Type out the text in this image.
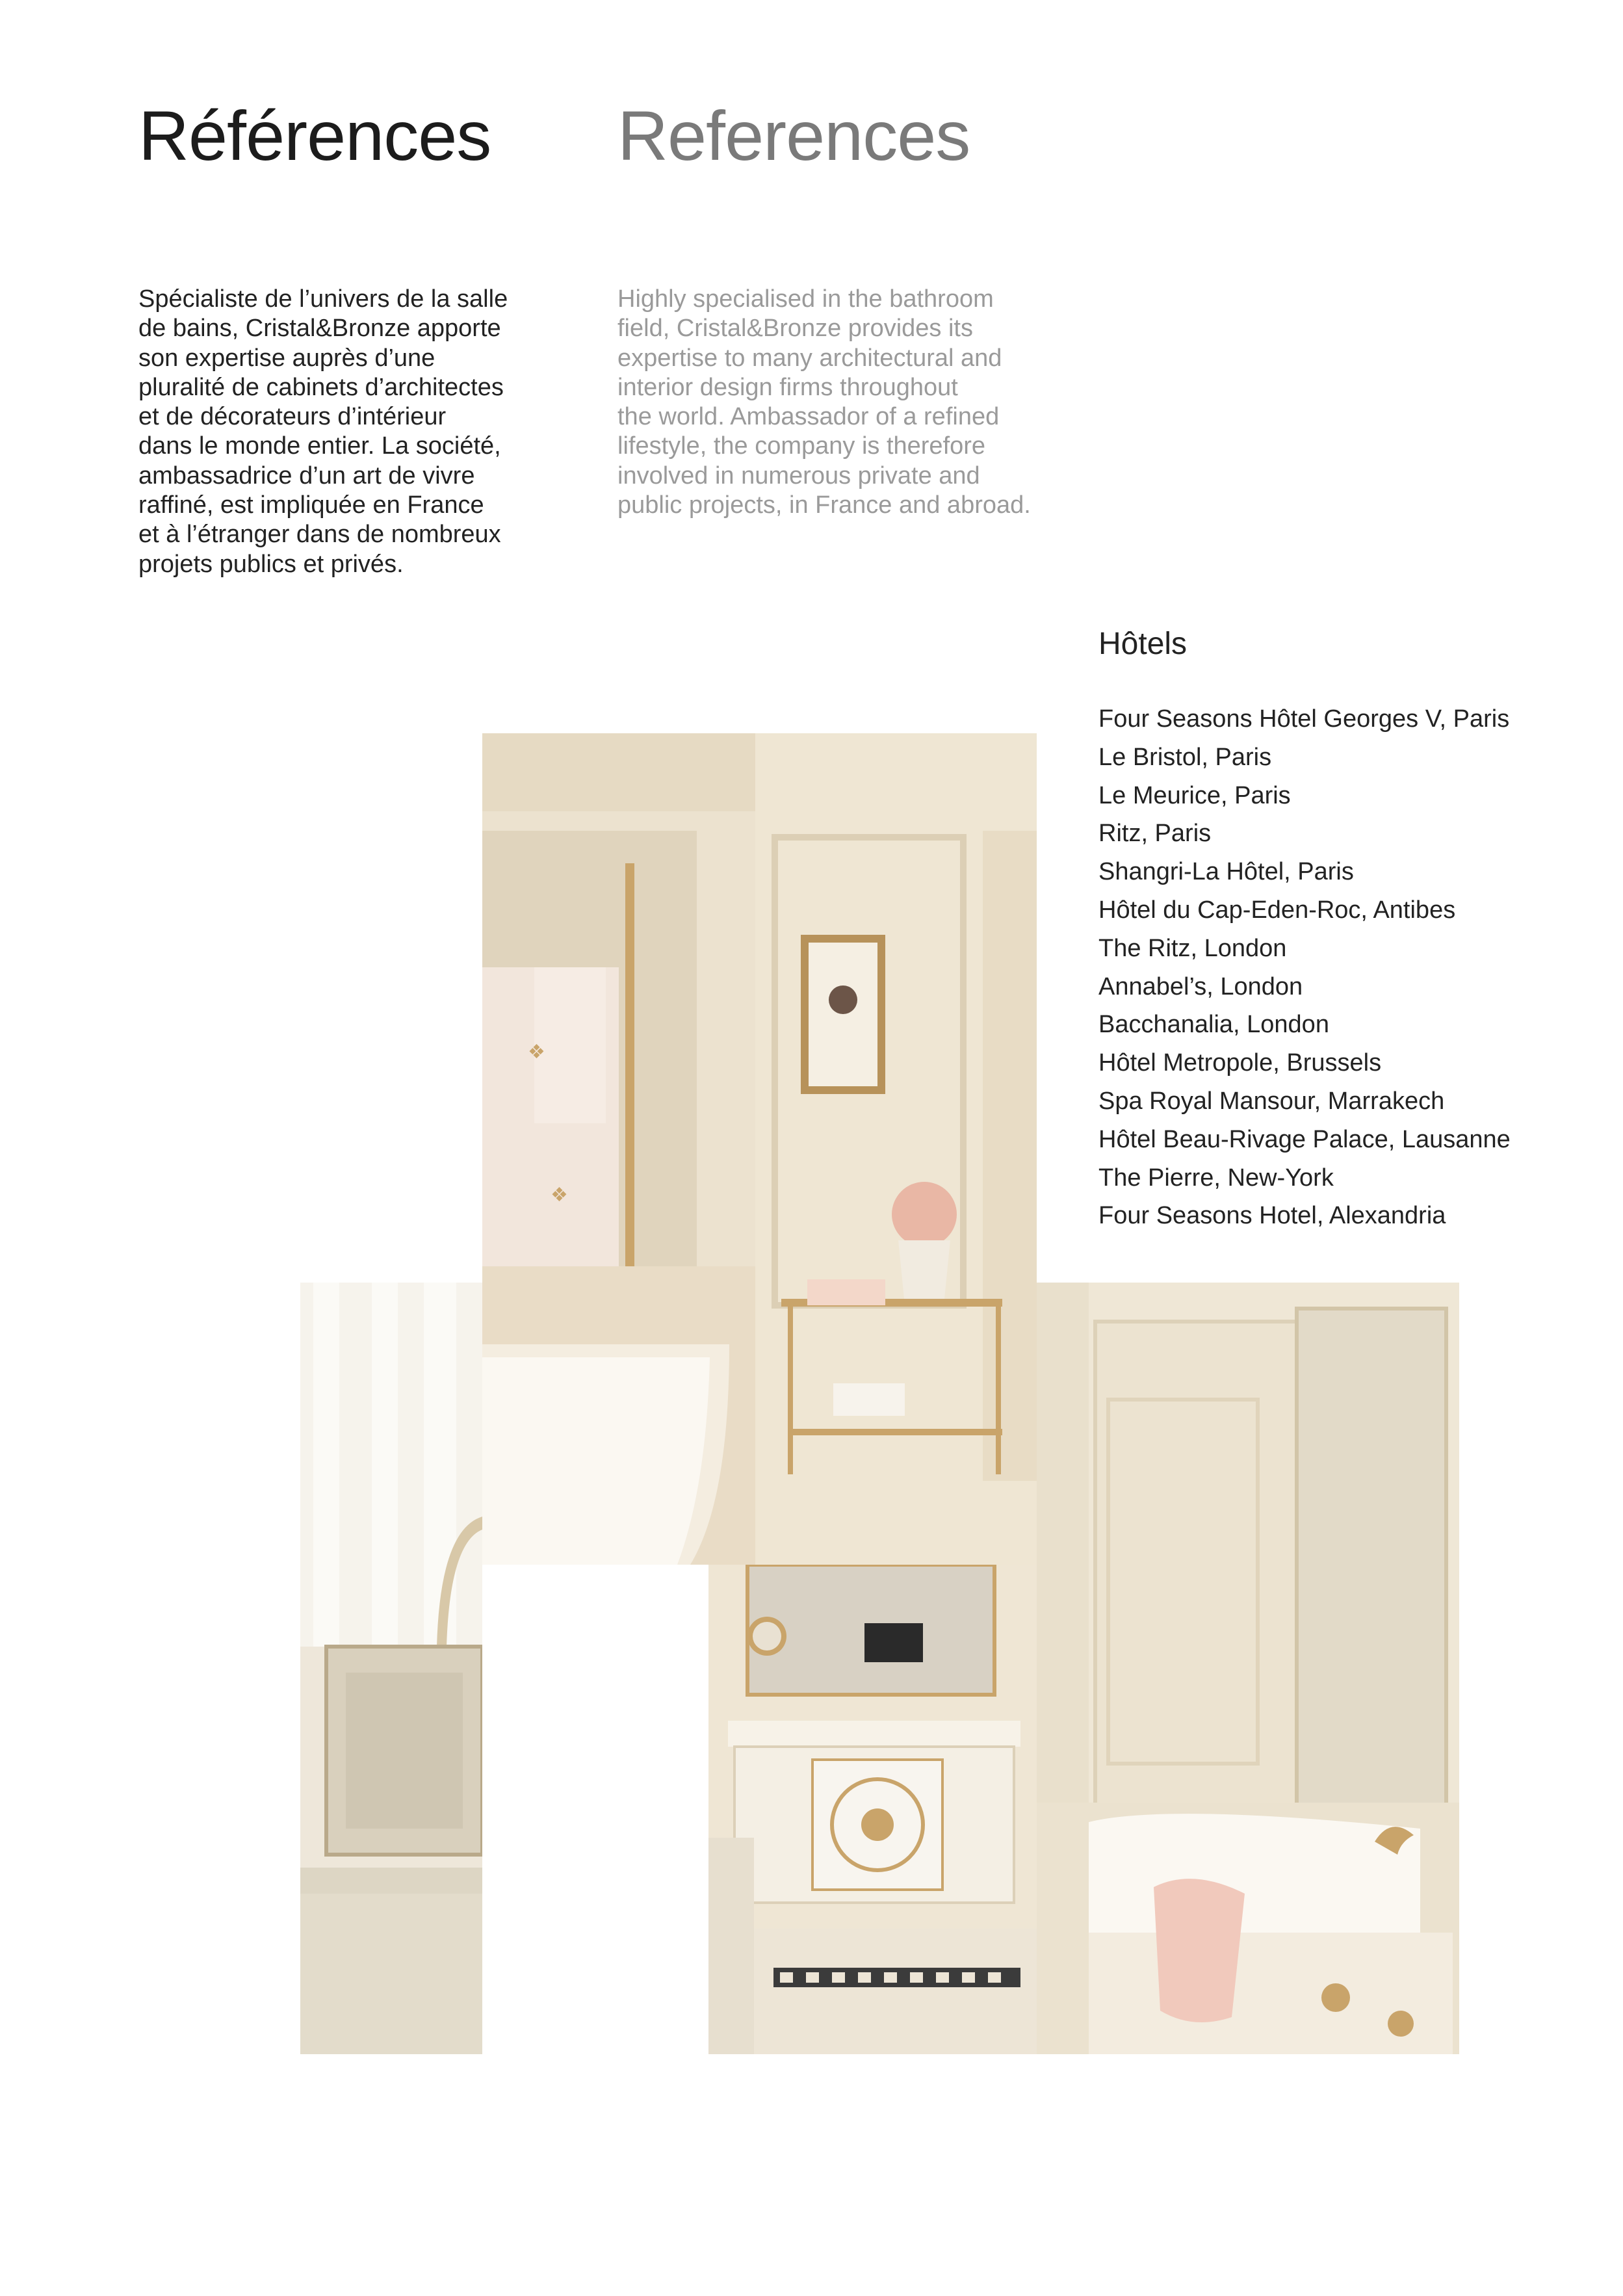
Références References
Spécialiste de l’univers de la salle
de bains, Cristal&Bronze apporte
son expertise auprès d’une
pluralité de cabinets d’architectes
et de décorateurs d’intérieur
dans le monde entier. La société,
ambassadrice d’un art de vivre
raffiné, est impliquée en France
et à l’étranger dans de nombreux
projets publics et privés.
Highly specialised in the bathroom
field, Cristal&Bronze provides its
expertise to many architectural and
interior design firms throughout
the world. Ambassador of a refined
lifestyle, the company is therefore
involved in numerous private and
public projects, in France and abroad.
Hôtels
Four Seasons Hôtel Georges V, Paris
Le Bristol, Paris
Le Meurice, Paris
Ritz, Paris
Shangri-La Hôtel, Paris
Hôtel du Cap-Eden-Roc, Antibes
The Ritz, London
Annabel’s, London
Bacchanalia, London
Hôtel Metropole, Brussels
Spa Royal Mansour, Marrakech
Hôtel Beau-Rivage Palace, Lausanne
The Pierre, New-York
Four Seasons Hotel, Alexandria
❖
❖
